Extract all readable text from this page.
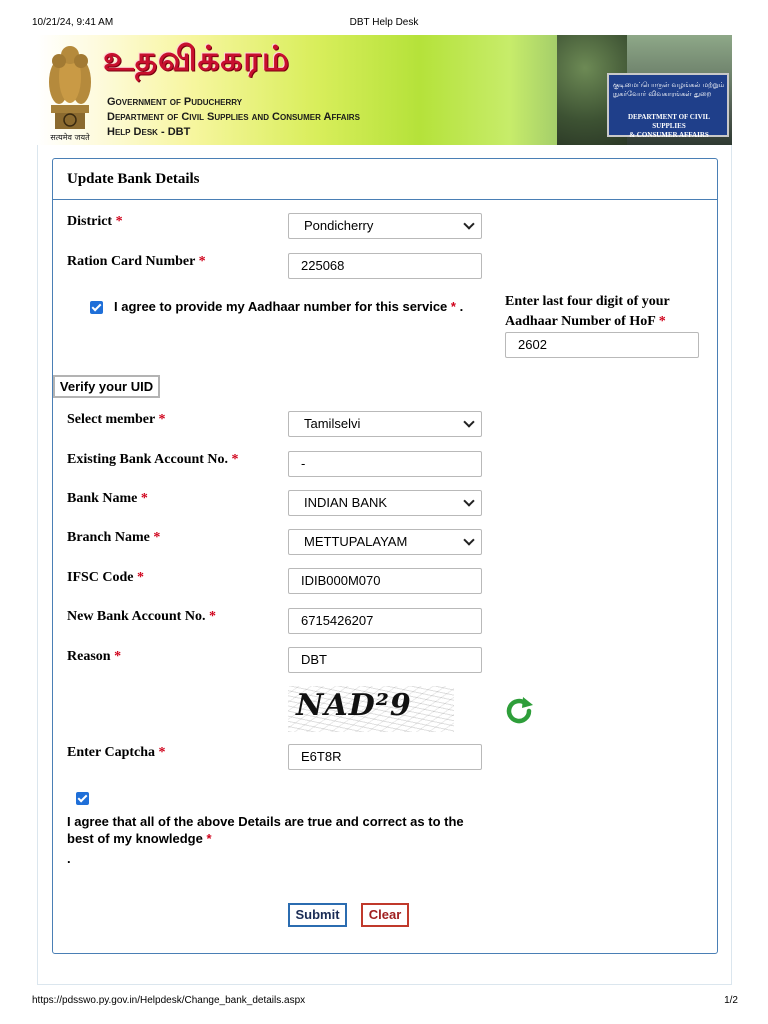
10/21/24, 9:41 AM	DBT Help Desk
सत्यमेव जयते
உதவிக்கரம்
Government of Puducherry
Department of Civil Supplies and Consumer Affairs
Help Desk - DBT
குடிமைப்பொருள் வழங்கல் மற்றும்
நுகர்வோர் விவகாரங்கள் துறை
DEPARTMENT OF CIVIL SUPPLIES
& CONSUMER AFFAIRS
Update Bank Details
District *	Pondicherry
Ration Card Number *	225068
I agree to provide my Aadhaar number for this service * .	Enter last four digit of your Aadhaar Number of HoF *
2602
Verify your UID
Select member *	Tamilselvi
Existing Bank Account No. *	-
Bank Name *	INDIAN BANK
Branch Name *	METTUPALAYAM
IFSC Code *	IDIB000M070
New Bank Account No. *	6715426207
Reason *	DBT
NAD²9
Enter Captcha *	E6T8R
I agree that all of the above Details are true and correct as to the best of my knowledge *
.
Submit	Clear
https://pdsswo.py.gov.in/Helpdesk/Change_bank_details.aspx	1/2
